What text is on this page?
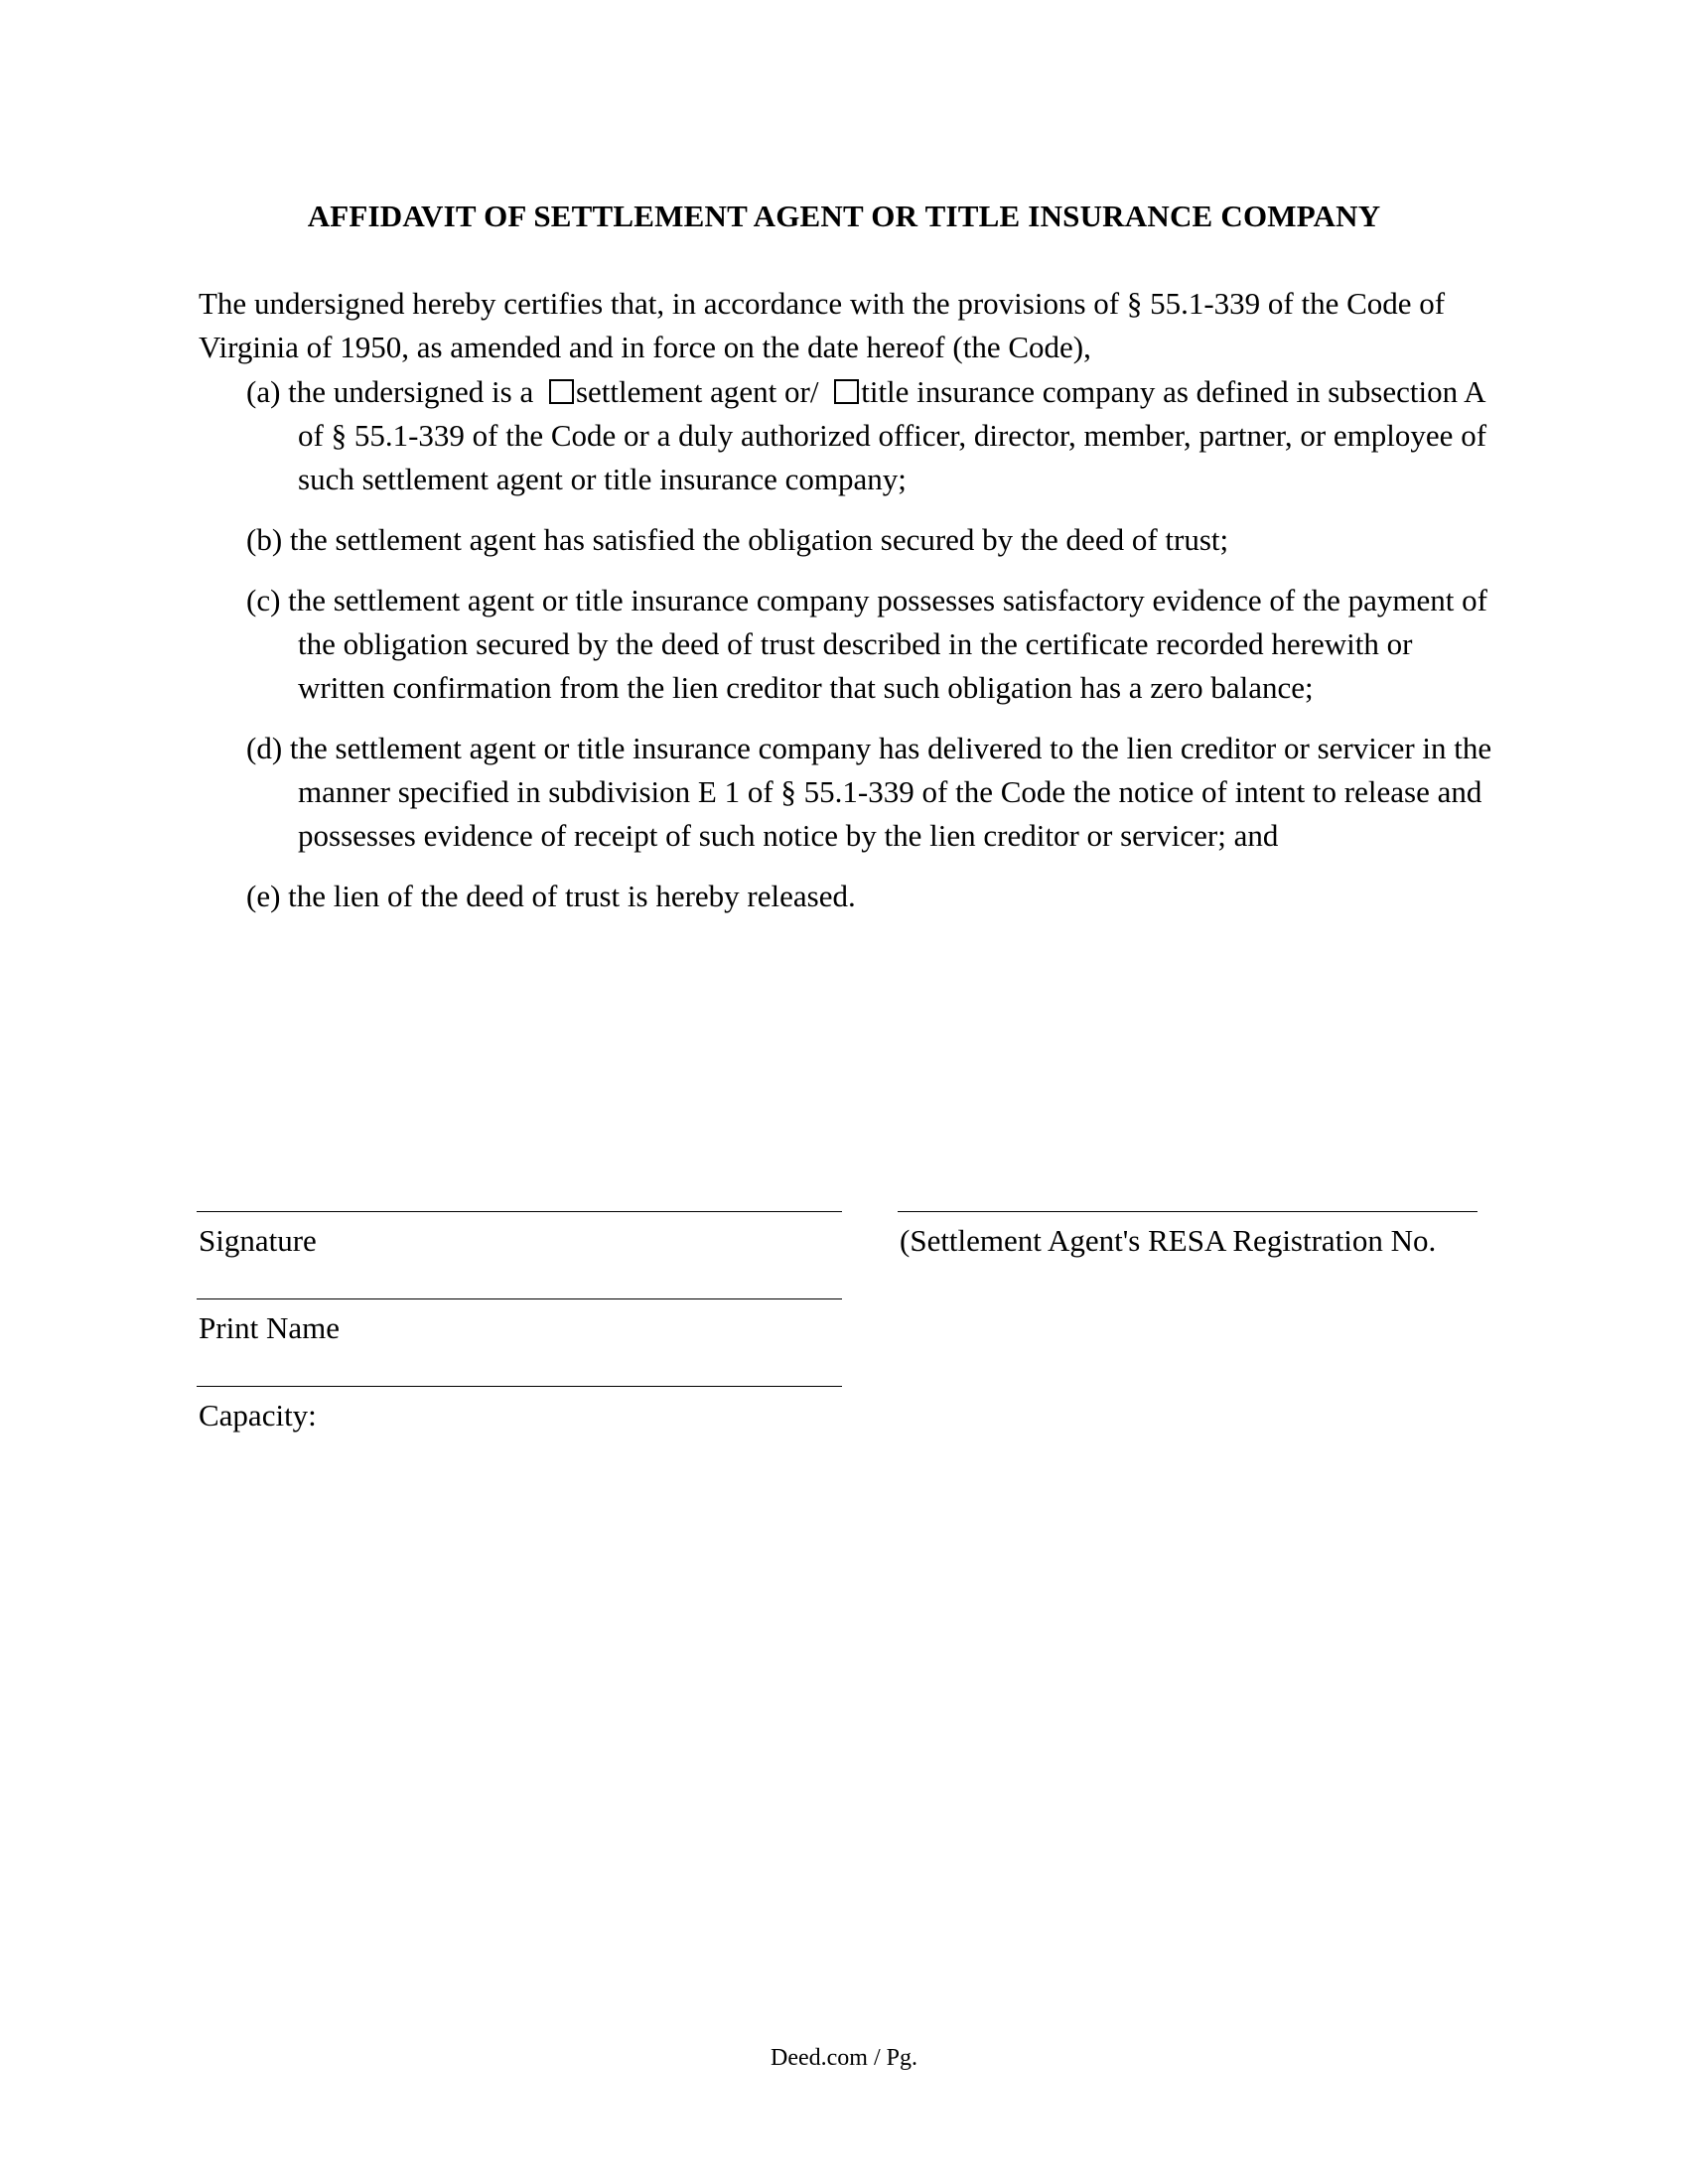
AFFIDAVIT OF SETTLEMENT AGENT OR TITLE INSURANCE COMPANY
The undersigned hereby certifies that, in accordance with the provisions of § 55.1-339 of the Code of Virginia of 1950, as amended and in force on the date hereof (the Code),
(a) the undersigned is a settlement agent or/ title insurance company as defined in subsection A of § 55.1-339 of the Code or a duly authorized officer, director, member, partner, or employee of such settlement agent or title insurance company;
(b) the settlement agent has satisfied the obligation secured by the deed of trust;
(c) the settlement agent or title insurance company possesses satisfactory evidence of the payment of the obligation secured by the deed of trust described in the certificate recorded herewith or written confirmation from the lien creditor that such obligation has a zero balance;
(d) the settlement agent or title insurance company has delivered to the lien creditor or servicer in the manner specified in subdivision E 1 of § 55.1-339 of the Code the notice of intent to release and possesses evidence of receipt of such notice by the lien creditor or servicer; and
(e) the lien of the deed of trust is hereby released.
Signature	(Settlement Agent's RESA Registration No.
Print Name
Capacity:
Deed.com / Pg.
